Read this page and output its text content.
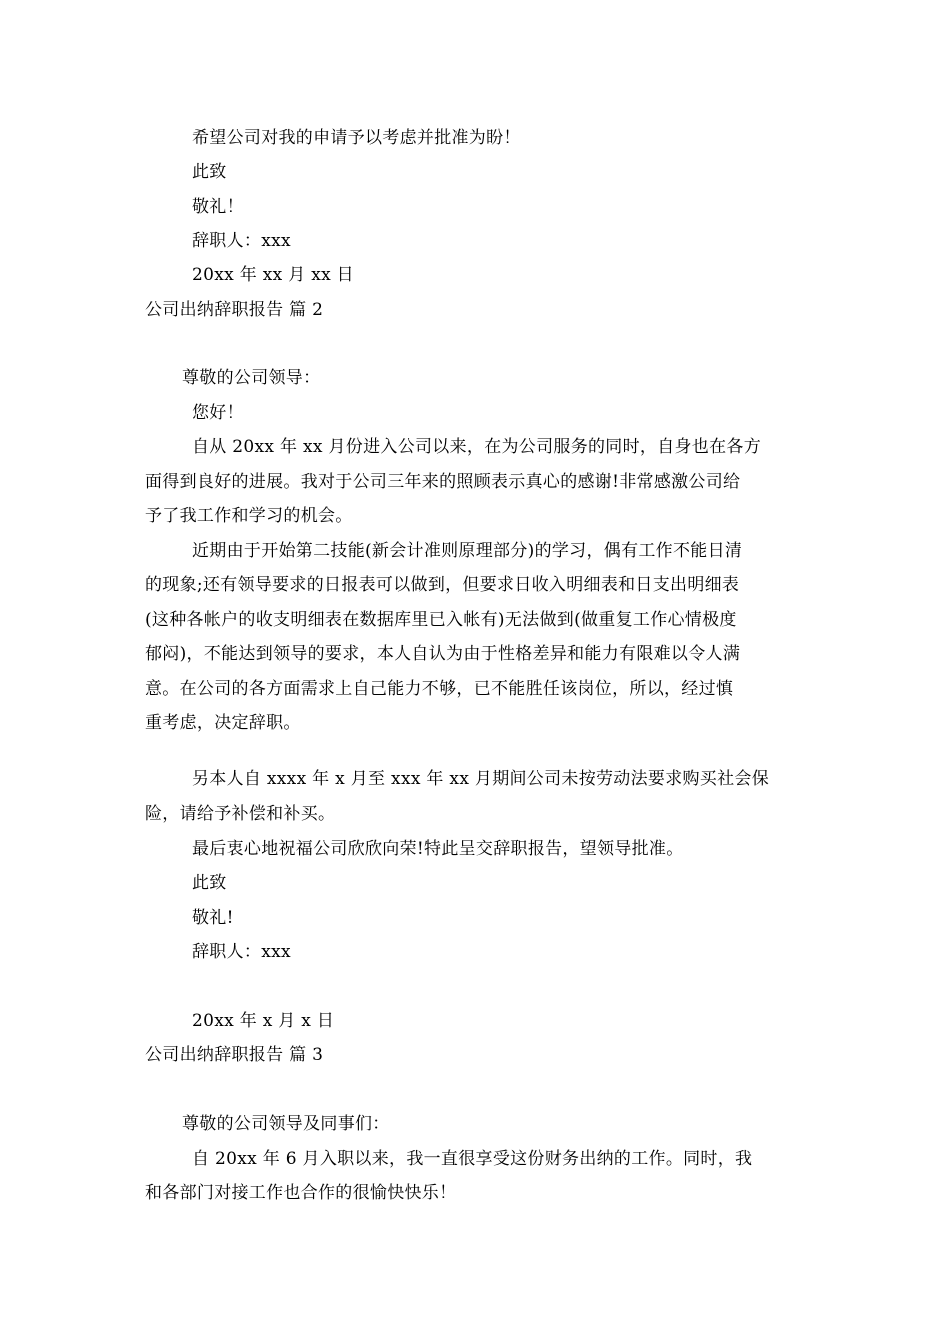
希望公司对我的申请予以考虑并批准为盼！
此致
敬礼！
辞职人：xxx
20xx 年 xx 月 xx 日
公司出纳辞职报告 篇 2
尊敬的公司领导：
您好！
自从 20xx 年 xx 月份进入公司以来，在为公司服务的同时，自身也在各方
面得到良好的进展。我对于公司三年来的照顾表示真心的感谢!非常感激公司给
予了我工作和学习的机会。
近期由于开始第二技能(新会计准则原理部分)的学习，偶有工作不能日清
的现象;还有领导要求的日报表可以做到，但要求日收入明细表和日支出明细表
(这种各帐户的收支明细表在数据库里已入帐有)无法做到(做重复工作心情极度
郁闷)，不能达到领导的要求，本人自认为由于性格差异和能力有限难以令人满
意。在公司的各方面需求上自己能力不够，已不能胜任该岗位，所以，经过慎
重考虑，决定辞职。
另本人自 xxxx 年 x 月至 xxx 年 xx 月期间公司未按劳动法要求购买社会保
险，请给予补偿和补买。
最后衷心地祝福公司欣欣向荣!特此呈交辞职报告，望领导批准。
此致
敬礼!
辞职人：xxx
20xx 年 x 月 x 日
公司出纳辞职报告 篇 3
尊敬的公司领导及同事们：
自 20xx 年 6 月入职以来，我一直很享受这份财务出纳的工作。同时，我
和各部门对接工作也合作的很愉快快乐！
